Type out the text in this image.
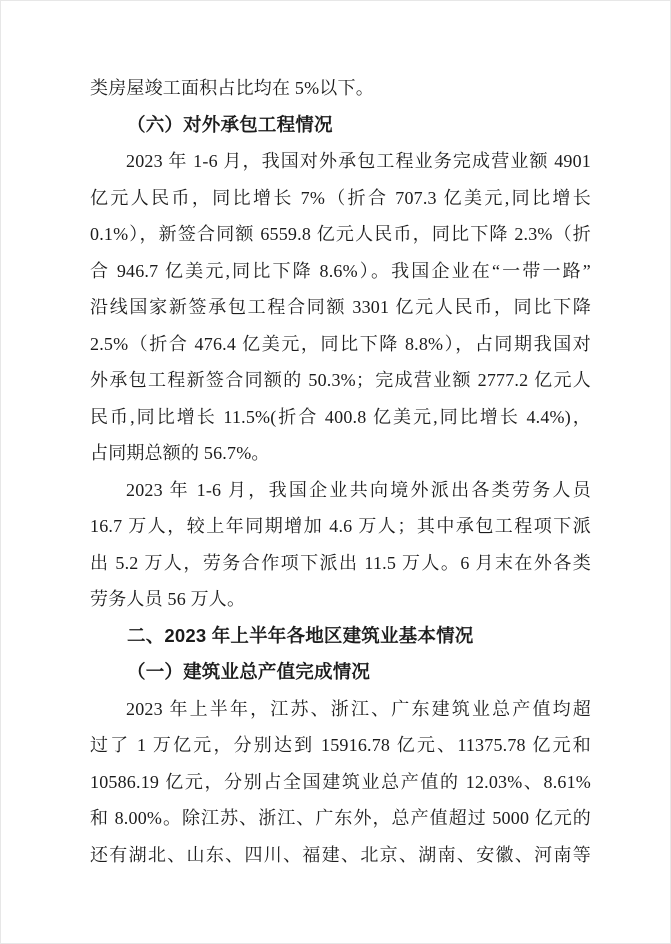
类房屋竣工面积占比均在 5%以下。
（六）对外承包工程情况
2023 年 1-6 月，我国对外承包工程业务完成营业额 4901
亿元人民币，同比增长 7%（折合 707.3 亿美元,同比增长
0.1%），新签合同额 6559.8 亿元人民币，同比下降 2.3%（折
合 946.7 亿美元,同比下降 8.6%）。我国企业在“一带一路”
沿线国家新签承包工程合同额 3301 亿元人民币，同比下降
2.5%（折合 476.4 亿美元，同比下降 8.8%），占同期我国对
外承包工程新签合同额的 50.3%；完成营业额 2777.2 亿元人
民币,同比增长 11.5%(折合 400.8 亿美元,同比增长 4.4%)，
占同期总额的 56.7%。
2023 年 1-6 月，我国企业共向境外派出各类劳务人员
16.7 万人，较上年同期增加 4.6 万人；其中承包工程项下派
出 5.2 万人，劳务合作项下派出 11.5 万人。6 月末在外各类
劳务人员 56 万人。
二、2023 年上半年各地区建筑业基本情况
（一）建筑业总产值完成情况
2023 年上半年，江苏、浙江、广东建筑业总产值均超
过了 1 万亿元，分别达到 15916.78 亿元、11375.78 亿元和
10586.19 亿元，分别占全国建筑业总产值的 12.03%、8.61%
和 8.00%。除江苏、浙江、广东外，总产值超过 5000 亿元的
还有湖北、山东、四川、福建、北京、湖南、安徽、河南等
